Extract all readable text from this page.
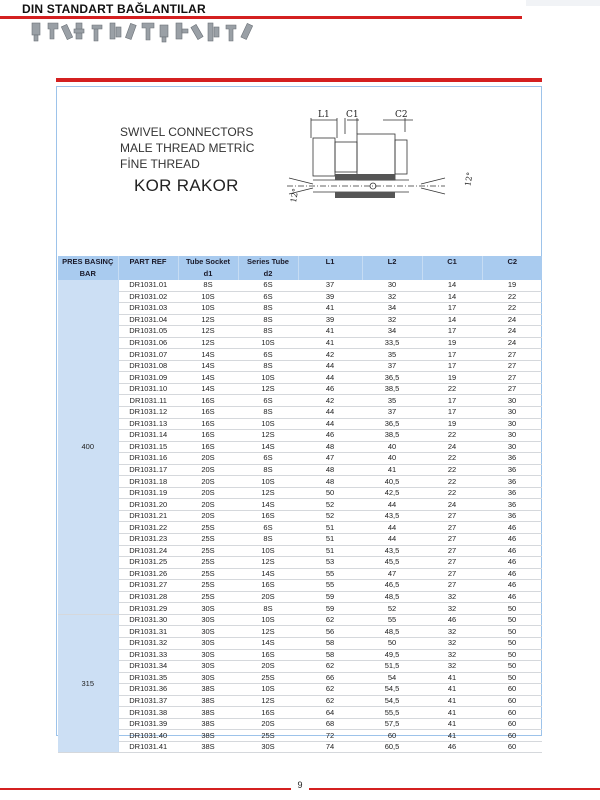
DIN STANDART BAĞLANTILAR
SWIVEL CONNECTORS
MALE THREAD METRİC
FİNE THREAD
KOR RAKOR
L1 C1	C2
12°
12°
PRES BASINÇ	PART REF	Tube Socket	Series Tube	L1	L2	C1	C2
BAR		d1	d2				
400	DR1031.01	8S	6S	37	30	14	19
	DR1031.02	10S	6S	39	32	14	22
	DR1031.03	10S	8S	41	34	17	22
	DR1031.04	12S	8S	39	32	14	24
	DR1031.05	12S	8S	41	34	17	24
	DR1031.06	12S	10S	41	33,5	19	24
	DR1031.07	14S	6S	42	35	17	27
	DR1031.08	14S	8S	44	37	17	27
	DR1031.09	14S	10S	44	36,5	19	27
	DR1031.10	14S	12S	46	38,5	22	27
	DR1031.11	16S	6S	42	35	17	30
	DR1031.12	16S	8S	44	37	17	30
	DR1031.13	16S	10S	44	36,5	19	30
	DR1031.14	16S	12S	46	38,5	22	30
	DR1031.15	16S	14S	48	40	24	30
	DR1031.16	20S	6S	47	40	22	36
	DR1031.17	20S	8S	48	41	22	36
	DR1031.18	20S	10S	48	40,5	22	36
	DR1031.19	20S	12S	50	42,5	22	36
	DR1031.20	20S	14S	52	44	24	36
	DR1031.21	20S	16S	52	43,5	27	36
	DR1031.22	25S	6S	51	44	27	46
	DR1031.23	25S	8S	51	44	27	46
	DR1031.24	25S	10S	51	43,5	27	46
	DR1031.25	25S	12S	53	45,5	27	46
	DR1031.26	25S	14S	55	47	27	46
	DR1031.27	25S	16S	55	46,5	27	46
	DR1031.28	25S	20S	59	48,5	32	46
	DR1031.29	30S	8S	59	52	32	50
315	DR1031.30	30S	10S	62	55	46	50
	DR1031.31	30S	12S	56	48,5	32	50
	DR1031.32	30S	14S	58	50	32	50
	DR1031.33	30S	16S	58	49,5	32	50
	DR1031.34	30S	20S	62	51,5	32	50
	DR1031.35	30S	25S	66	54	41	50
	DR1031.36	38S	10S	62	54,5	41	60
	DR1031.37	38S	12S	62	54,5	41	60
	DR1031.38	38S	16S	64	55,5	41	60
	DR1031.39	38S	20S	68	57,5	41	60
	DR1031.40	38S	25S	72	60	41	60
	DR1031.41	38S	30S	74	60,5	46	60
9
